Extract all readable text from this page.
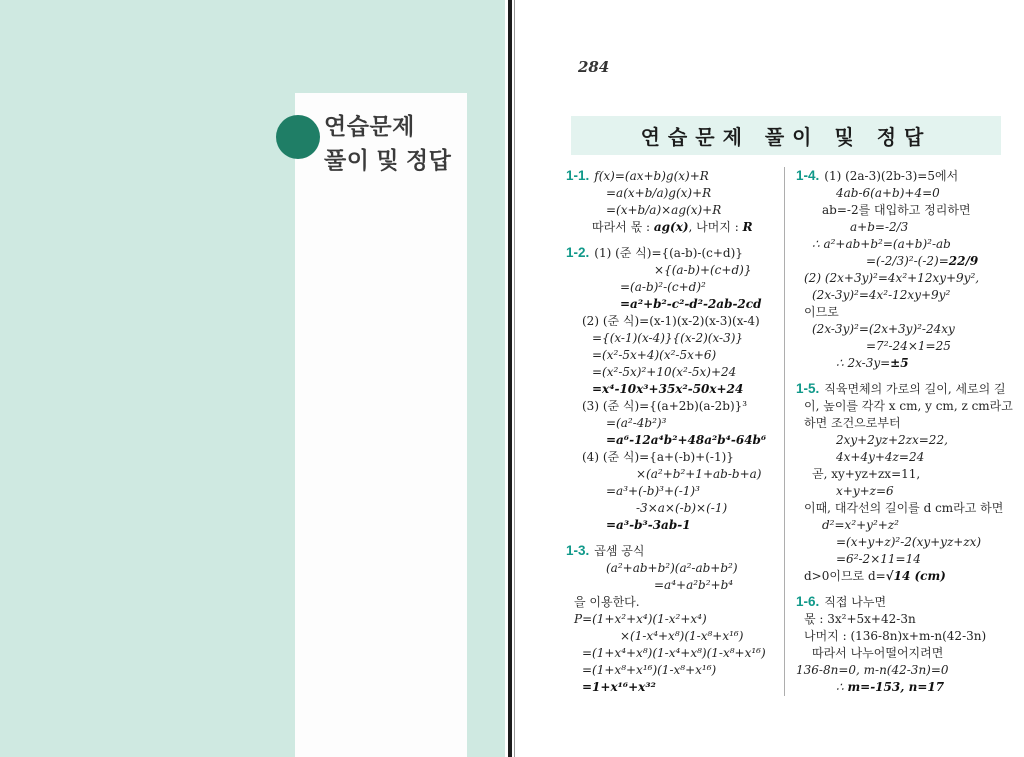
연습문제
풀이 및 정답
284
연습문제 풀이 및 정답
1-1. f(x)=(ax+b)g(x)+R
=a(x+b/a)g(x)+R
=(x+b/a)×ag(x)+R
따라서 몫 : ag(x), 나머지 : R
1-2. (1) (준 식)={(a-b)-(c+d)}
×{(a-b)+(c+d)}
=(a-b)²-(c+d)²
=a²+b²-c²-d²-2ab-2cd
(2) (준 식)=(x-1)(x-2)(x-3)(x-4)
={(x-1)(x-4)}{(x-2)(x-3)}
=(x²-5x+4)(x²-5x+6)
=(x²-5x)²+10(x²-5x)+24
=x⁴-10x³+35x²-50x+24
(3) (준 식)={(a+2b)(a-2b)}³
=(a²-4b²)³
=a⁶-12a⁴b²+48a²b⁴-64b⁶
(4) (준 식)={a+(-b)+(-1)}
×(a²+b²+1+ab-b+a)
=a³+(-b)³+(-1)³
-3×a×(-b)×(-1)
=a³-b³-3ab-1
1-3. 곱셈 공식
(a²+ab+b²)(a²-ab+b²)
=a⁴+a²b²+b⁴
을 이용한다.
P=(1+x²+x⁴)(1-x²+x⁴)
×(1-x⁴+x⁸)(1-x⁸+x¹⁶)
=(1+x⁴+x⁸)(1-x⁴+x⁸)(1-x⁸+x¹⁶)
=(1+x⁸+x¹⁶)(1-x⁸+x¹⁶)
=1+x¹⁶+x³²
1-4. (1) (2a-3)(2b-3)=5에서
4ab-6(a+b)+4=0
ab=-2를 대입하고 정리하면
a+b=-2/3
∴ a²+ab+b²=(a+b)²-ab
=(-2/3)²-(-2)=22/9
(2) (2x+3y)²=4x²+12xy+9y²,
(2x-3y)²=4x²-12xy+9y²
이므로
(2x-3y)²=(2x+3y)²-24xy
=7²-24×1=25
∴ 2x-3y=±5
1-5. 직육면체의 가로의 길이, 세로의 길
이, 높이를 각각 x cm, y cm, z cm라고
하면 조건으로부터
2xy+2yz+2zx=22,
4x+4y+4z=24
곧, xy+yz+zx=11,
x+y+z=6
이때, 대각선의 길이를 d cm라고 하면
d²=x²+y²+z²
=(x+y+z)²-2(xy+yz+zx)
=6²-2×11=14
d>0이므로 d=√14 (cm)
1-6. 직접 나누면
몫 : 3x²+5x+42-3n
나머지 : (136-8n)x+m-n(42-3n)
따라서 나누어떨어지려면
136-8n=0, m-n(42-3n)=0
∴ m=-153, n=17
